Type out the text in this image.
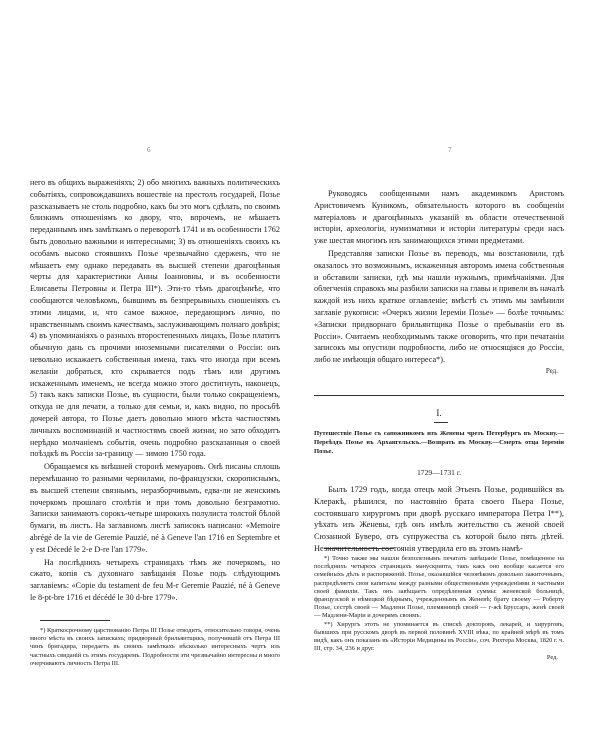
6

него въ общихъ выраженіяхъ; 2) обо многихъ важныхъ политическихъ событіяхъ, сопровождавшихъ вошествіе на престолъ государей, Позье разсказываетъ не столь подробно, какъ бы это могъ сдѣлать, по своимъ близкимъ отношеніямъ ко двору, что, впрочемъ, не мѣшаетъ переданнымъ имъ замѣткамъ о переворотѣ 1741 и въ особенности 1762 быть довольно важными и интересными; 3) въ отношеніяхъ своихъ къ особамъ высоко стоявшихъ Позье чрезвычайно сдерженъ, что не мѣшаетъ ему однако передавать въ высшей степени драгоцѣнныя черты для характеристики Анны Іоанновны, и въ особенности Елисаветы Петровны и Петра III*). Эти-то тѣмъ драгоцѣннѣе, что сообщаются человѣкомъ, бывшимъ въ безпрерывныхъ сношеніяхъ съ этими лицами, и, что самое важное, передающимъ лично, по нравственнымъ своимъ качествамъ, заслуживающимъ полнаго довѣрія; 4) въ упоминаніяхъ о разныхъ второстепенныхъ лицахъ, Позье платитъ обычную дань съ прочими иноземными писателями о Россіи: онъ невольно искажаетъ собственныя имена, такъ что иногда при всемъ желаніи добраться, кто скрывается подъ тѣмъ или другимъ искаженнымъ именемъ, не всегда можно этого достигнуть, наконецъ, 5) такъ какъ записки Позье, въ сущности, были только сокращеніемъ, откуда не для печати, а только для семьи, и, какъ видно, по просьбѣ дочерей автора, то Позье даетъ довольно много мѣста частностямъ личныхъ воспоминаній и частностямъ своей жизни, но зато обходитъ нерѣдко молчаніемъ событія, очень подробно разсказанныя о своей поѣздкѣ въ Россіи за-границу — зимою 1750 года.

Обращаемся къ внѣшней сторонѣ мемуаровъ. Онѣ писаны сплошь перемѣшанно то разными чернилами, по-французски, скорописнымъ, въ высшей степени связнымъ, неразборчивымъ, едва-ли не женскимъ почеркомъ прошлаго столѣтія и при томъ довольно безграмотно. Записки занимаютъ сорокъ-четыре широкихъ полулиста толстой бѣлой бумаги, въ листъ. На заглавномъ листѣ записокъ написано: «Memoire abrégé de la vie de Geremie Pauzié, né à Geneve l'an 1716 en Septembre et y est Décedé le 2-e D-re l'an 1779».

На послѣднихъ четырехъ страницахъ тѣмъ же почеркомъ, но сжато, копія съ духовнаго завѣщанія Позье подъ слѣдующимъ заглавіемъ: «Copie du testament de feu M-r Geremie Pauzié, né à Geneve le 8-pt-bre 1716 et décédé le 30 d-bre 1779».

*) Краткосрочному царствованію Петра III Позье отводитъ, относительно говоря, очень много мѣста въ своихъ запискахъ; придворный брильянтщикъ, получившій отъ Петра III чинъ бригадира, передаетъ въ своихъ замѣткахъ нѣсколько интересныхъ чертъ изъ частныхъ свиданій съ этимъ государемъ. Подробности эти чрезвычайно интересны и много очерчиваютъ личность Петра III.

7

Руководясь сообщенными намъ академикомъ Аристомъ Аристовичемъ Куникомъ, обязательность которого въ сообщеніи матеріаловъ и драгоцѣнныхъ указаній въ области отечественной исторіи, археологіи, нумизматики и исторіи литературы среди насъ уже шестая многимъ изъ занимающихся этими предметами.

Представляя записки Позье въ переводъ, мы возстановили, гдѣ оказалось это возможнымъ, искаженныя авторомъ имена собственныя и обставили записки, гдѣ мы нашли нужнымъ, примѣчаніями. Для облегченія справокъ мы разбили записки на главы и привели въ началѣ каждой изъ нихъ краткое оглавленіе; вмѣстѣ съ этимъ мы замѣнили заглавіе рукописи: «Очеркъ жизни Іереміи Позье» — болѣе точнымъ: «Записки придворнаго брильянтщика Позье о пребываніи его въ Россіи». Считаемъ необходимымъ также оговорить, что при печатаніи записокъ мы опустили подробности, либо не относящіяся до Россіи, либо не имѣющія общаго интереса*).

Ред.
I.
Путешествіе Позье съ сапожникомъ изъ Женевы чрезъ Петербургъ въ Москву.—Переѣздъ Позье въ Архангельскъ.—Возврать въ Москву.—Смерть отца Іереміи Позье.
1729—1731 г.

Былъ 1729 годъ, когда отецъ мой Этьенъ Позье, родившійся въ Клеракѣ, рѣшился, по настоянію брата своего Пьера Позье, состоявшаго хирургомъ при дворѣ русскаго императора Петра I**), уѣхать изъ Женевы, гдѣ онъ имѣлъ жительство съ женой своей Сюзанной Буверо, отъ супружества съ которой было пять дѣтей. Незначительность состоянія утвердила его въ этомъ намѣ-

*) Точно также мы нашли безполезнымъ печатать завѣщаніе Позье, помѣщенное на послѣднихъ четырехъ страницахъ манускрипта, такъ какъ оно вообще касается его семейныхъ дѣлъ и распоряженій. Позье, оказавшійся человѣкомъ довольно зажиточнымъ, распредѣляетъ свои капиталы между разными общественными учрежденіями и частными своей фамиліи. Такъ онъ завѣщаетъ опредѣленныя суммы: женевской больницѣ, французской и нѣмецкой бѣднымъ, учрежденнымъ въ Женевѣ; брату своему — Роберту Позье, сестрѣ своей — Мадлени Позье, племянницѣ своей — г-жѣ Бруссаръ, женѣ своей — Мадлени-Маріи и дочерямъ своимъ.

**) Хирургъ этотъ не упоминается въ спискѣ докторовъ, лекарей, и хирурговъ, бывшихъ при русскомъ дворѣ въ первой половинѣ XVIII вѣка, по крайней мѣрѣ въ томъ видѣ, какъ онъ показанъ въ «Исторіи Медицины въ Россіи», соч. Рихтера Москва, 1820 г. ч. III, стр. 34, 236 и друг.

Ред.
